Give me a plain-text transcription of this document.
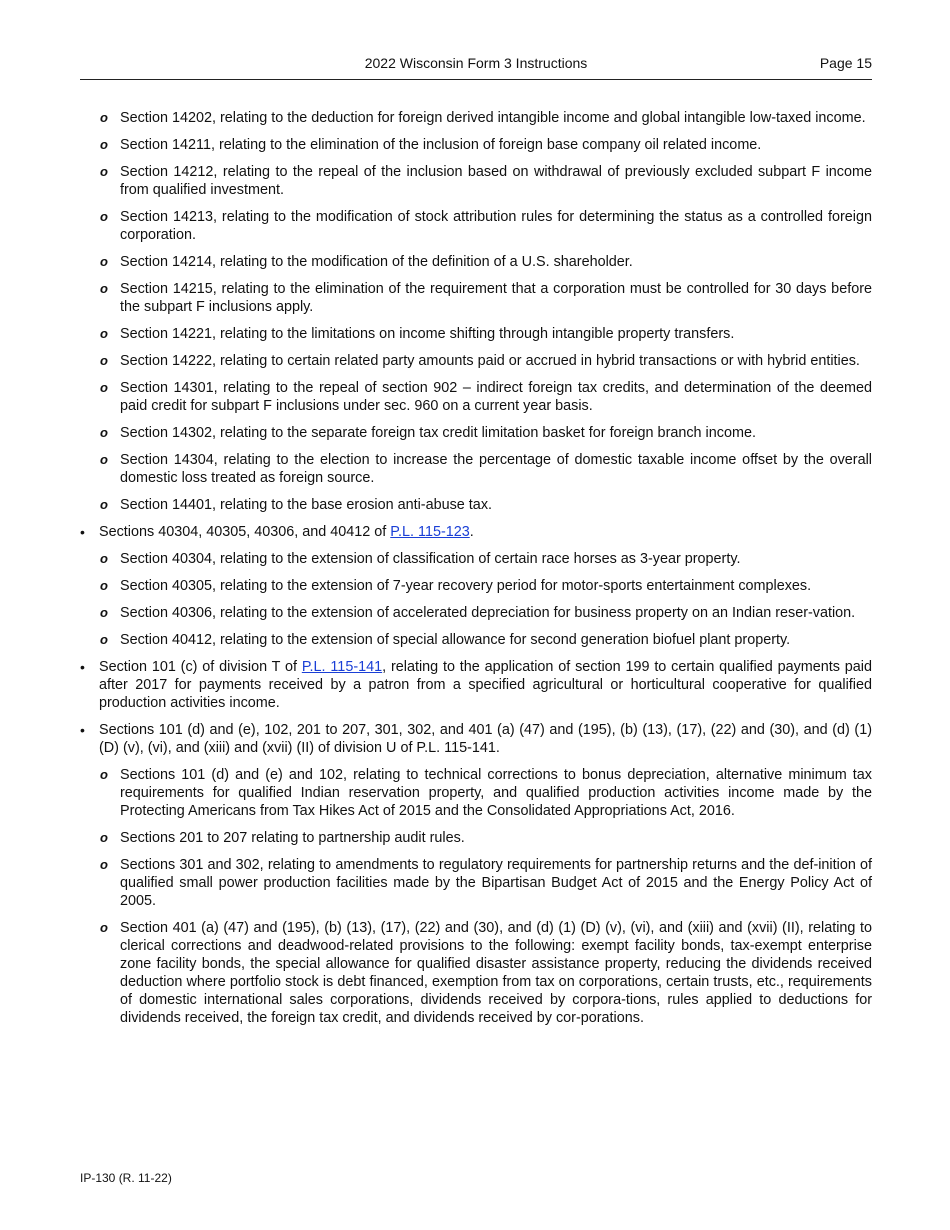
2022 Wisconsin Form 3 Instructions	Page 15
o Section 14202, relating to the deduction for foreign derived intangible income and global intangible low-taxed income.
o Section 14211, relating to the elimination of the inclusion of foreign base company oil related income.
o Section 14212, relating to the repeal of the inclusion based on withdrawal of previously excluded subpart F income from qualified investment.
o Section 14213, relating to the modification of stock attribution rules for determining the status as a controlled foreign corporation.
o Section 14214, relating to the modification of the definition of a U.S. shareholder.
o Section 14215, relating to the elimination of the requirement that a corporation must be controlled for 30 days before the subpart F inclusions apply.
o Section 14221, relating to the limitations on income shifting through intangible property transfers.
o Section 14222, relating to certain related party amounts paid or accrued in hybrid transactions or with hybrid entities.
o Section 14301, relating to the repeal of section 902 – indirect foreign tax credits, and determination of the deemed paid credit for subpart F inclusions under sec. 960 on a current year basis.
o Section 14302, relating to the separate foreign tax credit limitation basket for foreign branch income.
o Section 14304, relating to the election to increase the percentage of domestic taxable income offset by the overall domestic loss treated as foreign source.
o Section 14401, relating to the base erosion anti-abuse tax.
• Sections 40304, 40305, 40306, and 40412 of P.L. 115-123.
o Section 40304, relating to the extension of classification of certain race horses as 3-year property.
o Section 40305, relating to the extension of 7-year recovery period for motor-sports entertainment complexes.
o Section 40306, relating to the extension of accelerated depreciation for business property on an Indian reser-vation.
o Section 40412, relating to the extension of special allowance for second generation biofuel plant property.
• Section 101 (c) of division T of P.L. 115-141, relating to the application of section 199 to certain qualified payments paid after 2017 for payments received by a patron from a specified agricultural or horticultural cooperative for qualified production activities income.
• Sections 101 (d) and (e), 102, 201 to 207, 301, 302, and 401 (a) (47) and (195), (b) (13), (17), (22) and (30), and (d) (1) (D) (v), (vi), and (xiii) and (xvii) (II) of division U of P.L. 115-141.
o Sections 101 (d) and (e) and 102, relating to technical corrections to bonus depreciation, alternative minimum tax requirements for qualified Indian reservation property, and qualified production activities income made by the Protecting Americans from Tax Hikes Act of 2015 and the Consolidated Appropriations Act, 2016.
o Sections 201 to 207 relating to partnership audit rules.
o Sections 301 and 302, relating to amendments to regulatory requirements for partnership returns and the def-inition of qualified small power production facilities made by the Bipartisan Budget Act of 2015 and the Energy Policy Act of 2005.
o Section 401 (a) (47) and (195), (b) (13), (17), (22) and (30), and (d) (1) (D) (v), (vi), and (xiii) and (xvii) (II), relating to clerical corrections and deadwood-related provisions to the following: exempt facility bonds, tax-exempt enterprise zone facility bonds, the special allowance for qualified disaster assistance property, reducing the dividends received deduction where portfolio stock is debt financed, exemption from tax on corporations, certain trusts, etc., requirements of domestic international sales corporations, dividends received by corpora-tions, rules applied to deductions for dividends received, the foreign tax credit, and dividends received by cor-porations.
IP-130 (R. 11-22)
